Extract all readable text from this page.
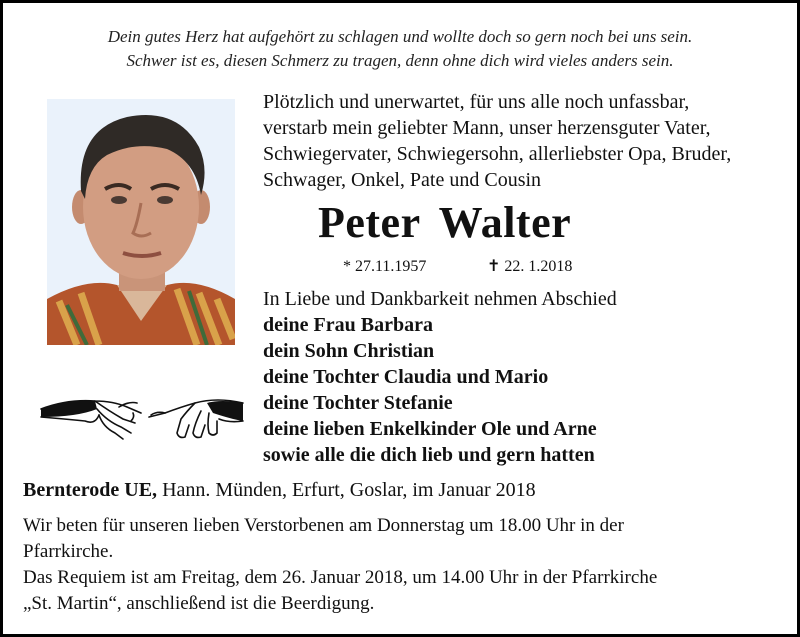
Dein gutes Herz hat aufgehört zu schlagen und wollte doch so gern noch bei uns sein.
Schwer ist es, diesen Schmerz zu tragen, denn ohne dich wird vieles anders sein.
Plötzlich und unerwartet, für uns alle noch unfassbar,
verstarb mein geliebter Mann, unser herzensguter Vater,
Schwiegervater, Schwiegersohn, allerliebster Opa, Bruder,
Schwager, Onkel, Pate und Cousin
Peter Walter
* 27.11.1957	✝ 22. 1.2018
In Liebe und Dankbarkeit nehmen Abschied
deine Frau Barbara
dein Sohn Christian
deine Tochter Claudia und Mario
deine Tochter Stefanie
deine lieben Enkelkinder Ole und Arne
sowie alle die dich lieb und gern hatten
Bernterode UE, Hann. Münden, Erfurt, Goslar, im Januar 2018
Wir beten für unseren lieben Verstorbenen am Donnerstag um 18.00 Uhr in der
Pfarrkirche.
Das Requiem ist am Freitag, dem 26. Januar 2018, um 14.00 Uhr in der Pfarrkirche
„St. Martin“, anschließend ist die Beerdigung.
